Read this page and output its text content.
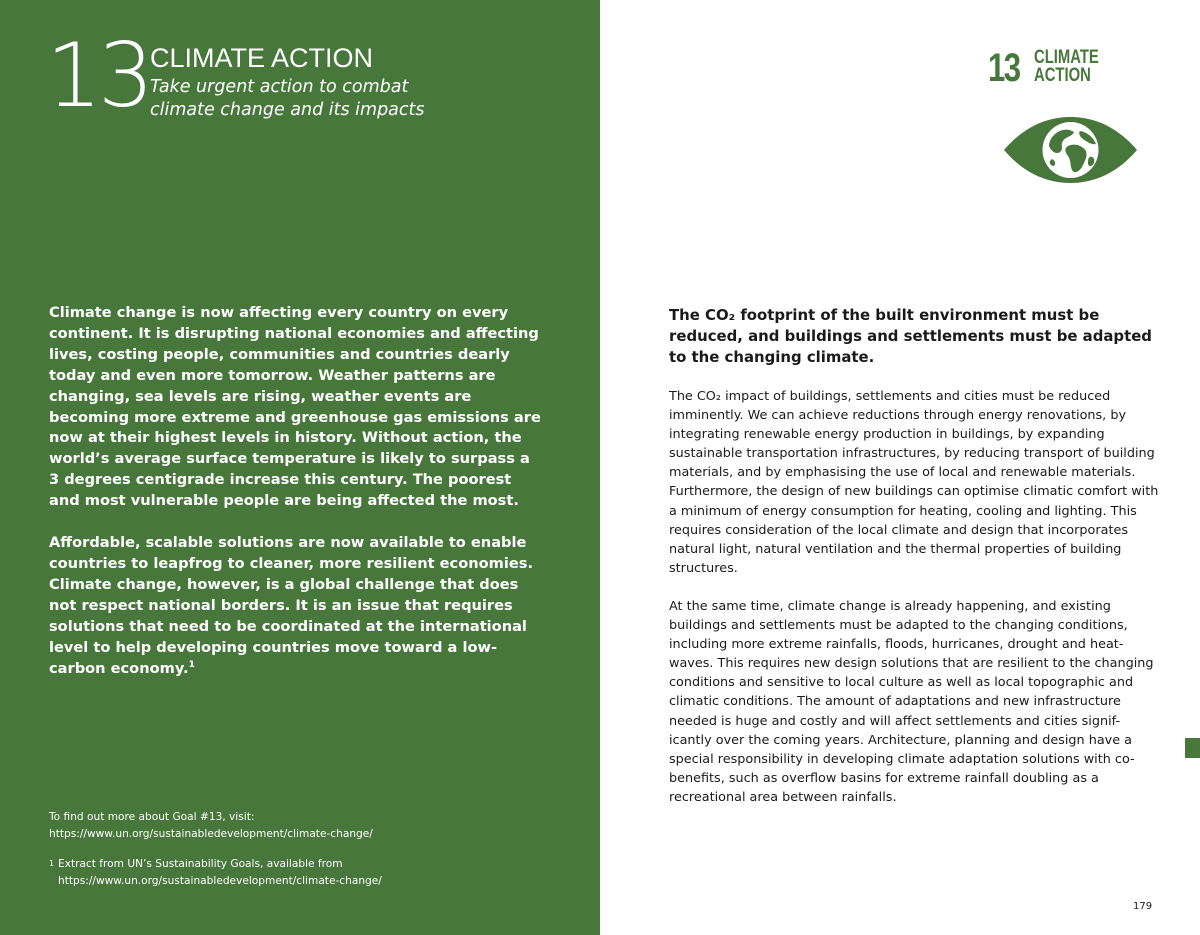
13 CLIMATE ACTION
Take urgent action to combat climate change and its impacts

Climate change is now affecting every country on every continent. It is disrupting national economies and affecting lives, costing people, communities and countries dearly today and even more tomorrow. Weather patterns are changing, sea levels are rising, weather events are becoming more extreme and greenhouse gas emissions are now at their highest levels in history. Without action, the world’s average surface temperature is likely to surpass a 3 degrees centigrade increase this century. The poorest and most vulnerable people are being affected the most.

Affordable, scalable solutions are now available to enable countries to leapfrog to cleaner, more resilient economies. Climate change, however, is a global challenge that does not respect national borders. It is an issue that requires solutions that need to be coordinated at the international level to help developing countries move toward a low-carbon economy.$^1$

To find out more about Goal #13, visit:
https://www.un.org/sustainabledevelopment/climate-change/
1 Extract from UN’s Sustainability Goals, available from
https://www.un.org/sustainabledevelopment/climate-change/
13 CLIMATE
ACTION
The CO₂ footprint of the built environment must be reduced, and buildings and settlements must be adapted to the changing climate.

The CO₂ impact of buildings, settlements and cities must be reduced imminently. We can achieve reductions through energy renovations, by integrating renewable energy production in buildings, by expanding sustainable transportation infrastructures, by reducing transport of building materials, and by emphasising the use of local and renewable materials. Furthermore, the design of new buildings can optimise climatic comfort with a minimum of energy consumption for heating, cooling and lighting. This requires consideration of the local climate and design that incorporates natural light, natural ventilation and the thermal properties of building structures.

At the same time, climate change is already happening, and existing buildings and settlements must be adapted to the changing conditions, including more extreme rainfalls, floods, hurricanes, drought and heat-waves. This requires new design solutions that are resilient to the changing conditions and sensitive to local culture as well as local topographic and climatic conditions. The amount of adaptations and new infrastructure needed is huge and costly and will affect settlements and cities signif-icantly over the coming years. Architecture, planning and design have a special responsibility in developing climate adaptation solutions with co-benefits, such as overflow basins for extreme rainfall doubling as a recreational area between rainfalls.

179
